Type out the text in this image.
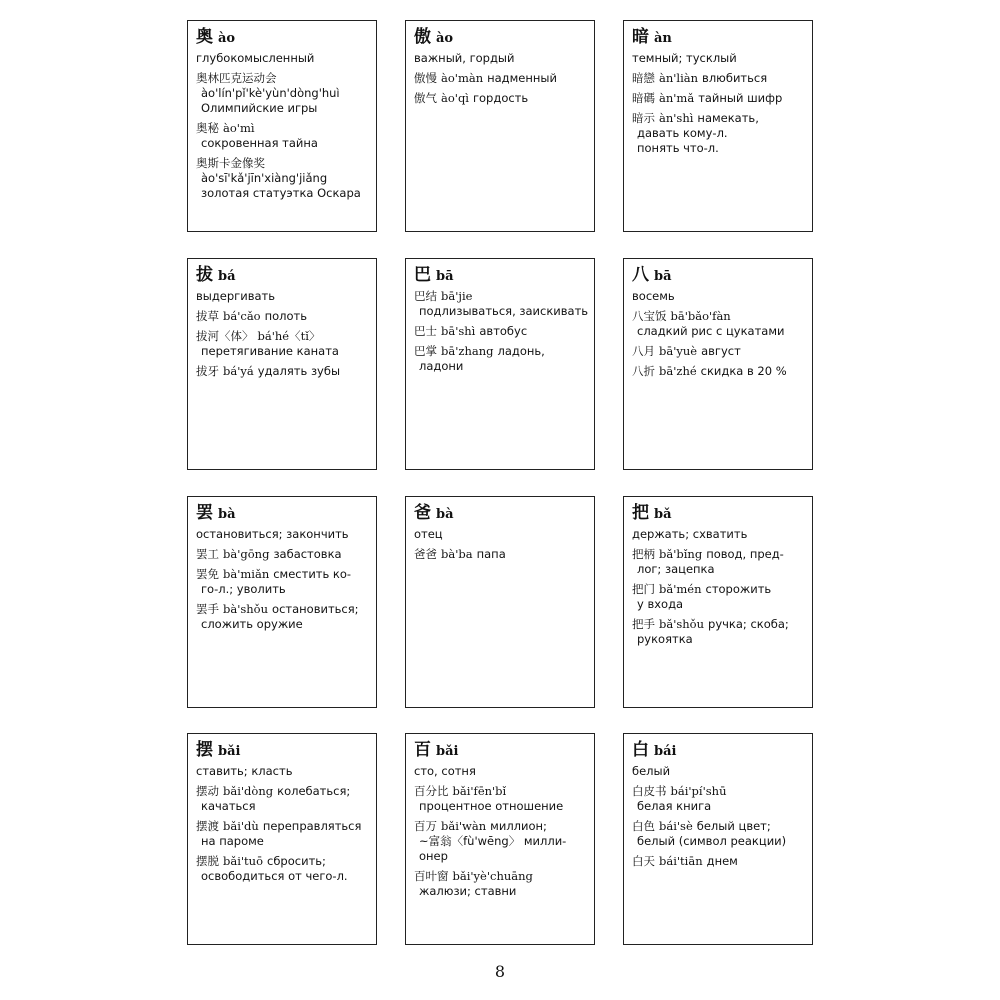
奥 ào
глубокомысленный
奥林匹克运动会
ào'lín'pǐ'kè'yùn'dòng'huì
Олимпийские игры
奥秘 ào'mì
сокровенная тайна
奥斯卡金像奖
ào'sī'kǎ'jīn'xiàng'jiǎng
золотая статуэтка Оскара
傲 ào
важный, гордый
傲慢 ào'màn надменный
傲气 ào'qì гордость
暗 àn
темный; тусклый
暗戀 àn'liàn влюбиться
暗碼 àn'mǎ тайный шифр
暗示 àn'shì намекать,
давать кому-л.
понять что-л.
拔 bá
выдергивать
拔草 bá'cǎo полоть
拔河〈体〉 bá'hé〈tǐ〉
перетягивание каната
拔牙 bá'yá удалять зубы
巴 bā
巴结 bā'jie
подлизываться, заискивать
巴士 bā'shì автобус
巴掌 bā'zhang ладонь,
ладони
八 bā
восемь
八宝饭 bā'bǎo'fàn
сладкий рис с цукатами
八月 bā'yuè август
八折 bā'zhé скидка в 20 %
罢 bà
остановиться; закончить
罢工 bà'gōng забастовка
罢免 bà'miǎn сместить ко-
го-л.; уволить
罢手 bà'shǒu остановиться;
сложить оружие
爸 bà
отец
爸爸 bà'ba папа
把 bǎ
держать; схватить
把柄 bǎ'bǐng повод, пред-
лог; зацепка
把门 bǎ'mén сторожить
у входа
把手 bǎ'shǒu ручка; скоба;
рукоятка
摆 bǎi
ставить; класть
摆动 bǎi'dòng колебаться;
качаться
摆渡 bǎi'dù переправляться
на пароме
摆脱 bǎi'tuō сбросить;
освободиться от чего-л.
百 bǎi
сто, сотня
百分比 bǎi'fēn'bǐ
процентное отношение
百万 bǎi'wàn миллион;
~富翁〈fù'wēng〉 милли-
онер
百叶窗 bǎi'yè'chuāng
жалюзи; ставни
白 bái
белый
白皮书 bái'pí'shū
белая книга
白色 bái'sè белый цвет;
белый (символ реакции)
白天 bái'tiān днем
8
